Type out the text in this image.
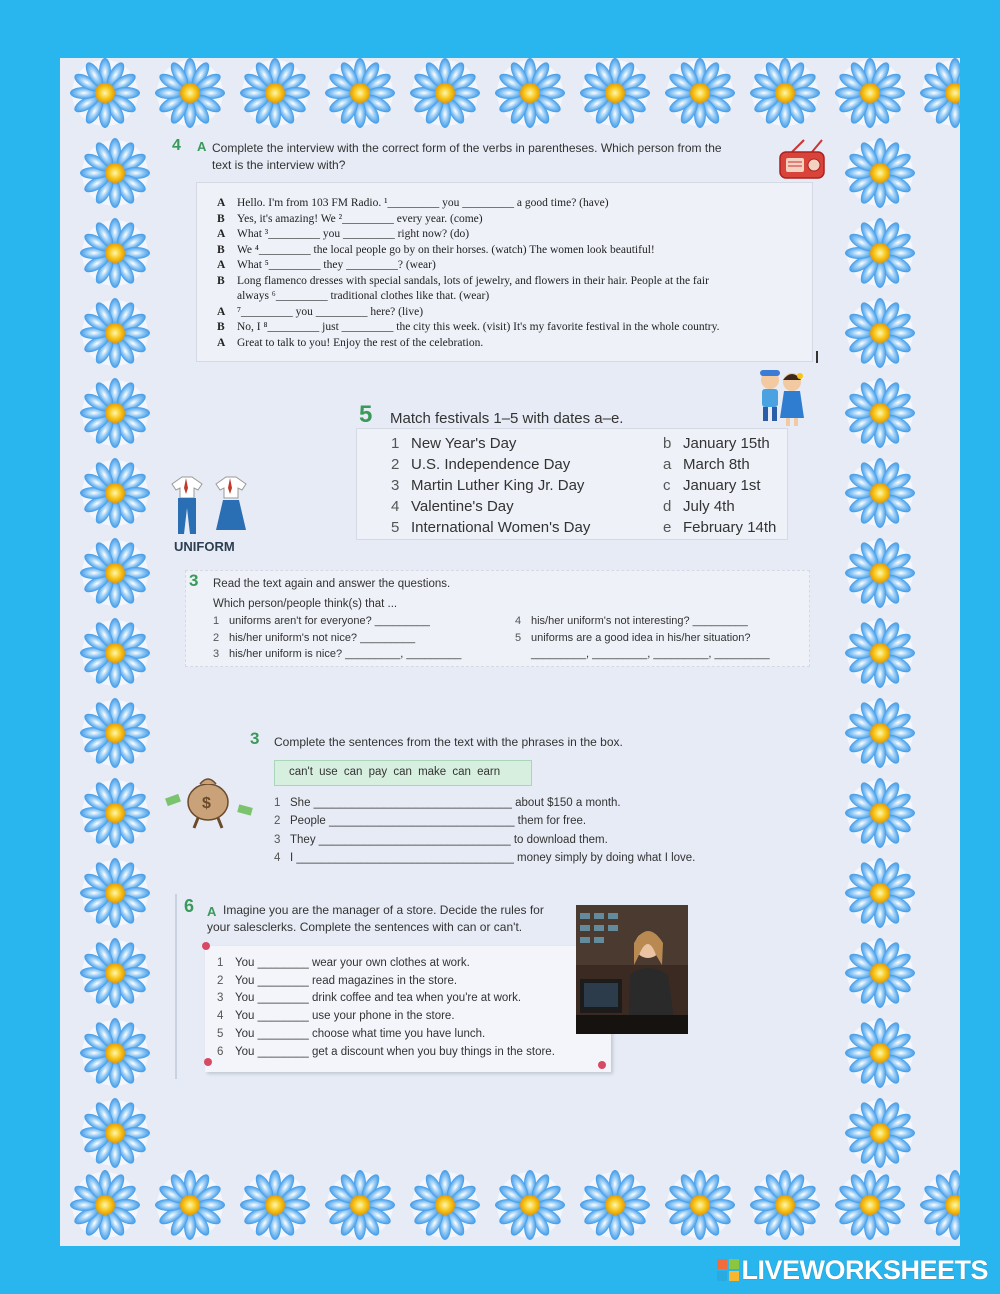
4 A Complete the interview with the correct form of the verbs in parentheses. Which person from the text is the interview with?
A	Hello. I'm from 103 FM Radio. ¹_________ you _________ a good time? (have)
B	Yes, it's amazing! We ²_________ every year. (come)
A	What ³_________ you _________ right now? (do)
B	We ⁴_________ the local people go by on their horses. (watch) The women look beautiful!
A	What ⁵_________ they _________? (wear)
B	Long flamenco dresses with special sandals, lots of jewelry, and flowers in their hair. People at the fair
always ⁶_________ traditional clothes like that. (wear)
A	⁷_________ you _________ here? (live)
B	No, I ⁸_________ just _________ the city this week. (visit) It's my favorite festival in the whole country.
A	Great to talk to you! Enjoy the rest of the celebration.
5 Match festivals 1–5 with dates a–e.
1 New Year's Day	b January 15th
2 U.S. Independence Day	a March 8th
3 Martin Luther King Jr. Day	c January 1st
4 Valentine's Day	d July 4th
5 International Women's Day	e February 14th
UNIFORM
3 Read the text again and answer the questions.
Which person/people think(s) that ...
1 uniforms aren't for everyone? _________
2 his/her uniform's not nice? _________
3 his/her uniform is nice? _________, _________
4 his/her uniform's not interesting? _________
5 uniforms are a good idea in his/her situation?
_________, _________, _________, _________
3 Complete the sentences from the text with the phrases in the box.
can't use can pay can make can earn
$	1 She _______________________________ about $150 a month.
2 People _____________________________ them for free.
3 They ______________________________ to download them.
4 I __________________________________ money simply by doing what I love.
6 A Imagine you are the manager of a store. Decide the rules for
your salesclerks. Complete the sentences with can or can't.
1	You ________ wear your own clothes at work.
2	You ________ read magazines in the store.
3	You ________ drink coffee and tea when you're at work.
4	You ________ use your phone in the store.
5	You ________ choose what time you have lunch.
6	You ________ get a discount when you buy things in the store.
LIVEWORKSHEETS
